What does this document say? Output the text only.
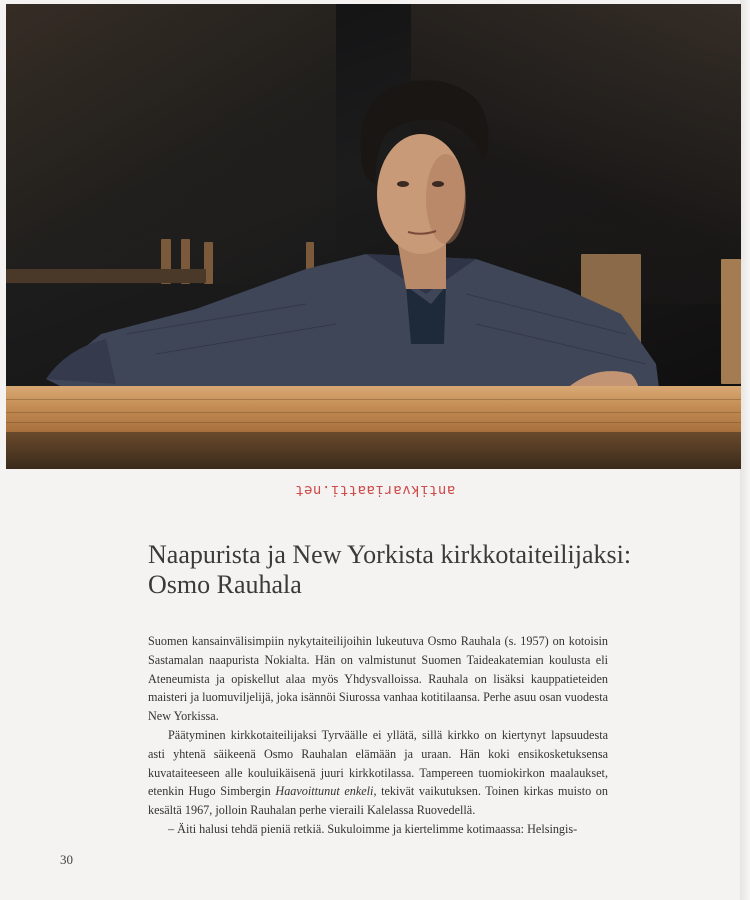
antikvariaatti.net
Naapurista ja New Yorkista kirkkotaiteilijaksi:
Osmo Rauhala

Suomen kansainvälisimpiin nykytaiteilijoihin lukeutuva Osmo Rauhala (s. 1957) on kotoisin Sastamalan naapurista Nokialta. Hän on valmistunut Suomen Taideakatemian koulusta eli Ateneumista ja opiskellut alaa myös Yhdysvalloissa. Rauhala on lisäksi kauppatieteiden maisteri ja luomuviljelijä, joka isännöi Siurossa vanhaa kotitilaansa. Perhe asuu osan vuodesta New Yorkissa.

Päätyminen kirkkotaiteilijaksi Tyrväälle ei yllätä, sillä kirkko on kiertynyt lapsuudesta asti yhtenä säikeenä Osmo Rauhalan elämään ja uraan. Hän koki ensikosketuksensa kuvataiteeseen alle kouluikäisenä juuri kirkkotilassa. Tampereen tuomiokirkon maalaukset, etenkin Hugo Simbergin Haavoittunut enkeli, tekivät vaikutuksen. Toinen kirkas muisto on kesältä 1967, jolloin Rauhalan perhe vieraili Kalelassa Ruovedellä.

– Äiti halusi tehdä pieniä retkiä. Sukuloimme ja kiertelimme kotimaassa: Helsingis-

30
